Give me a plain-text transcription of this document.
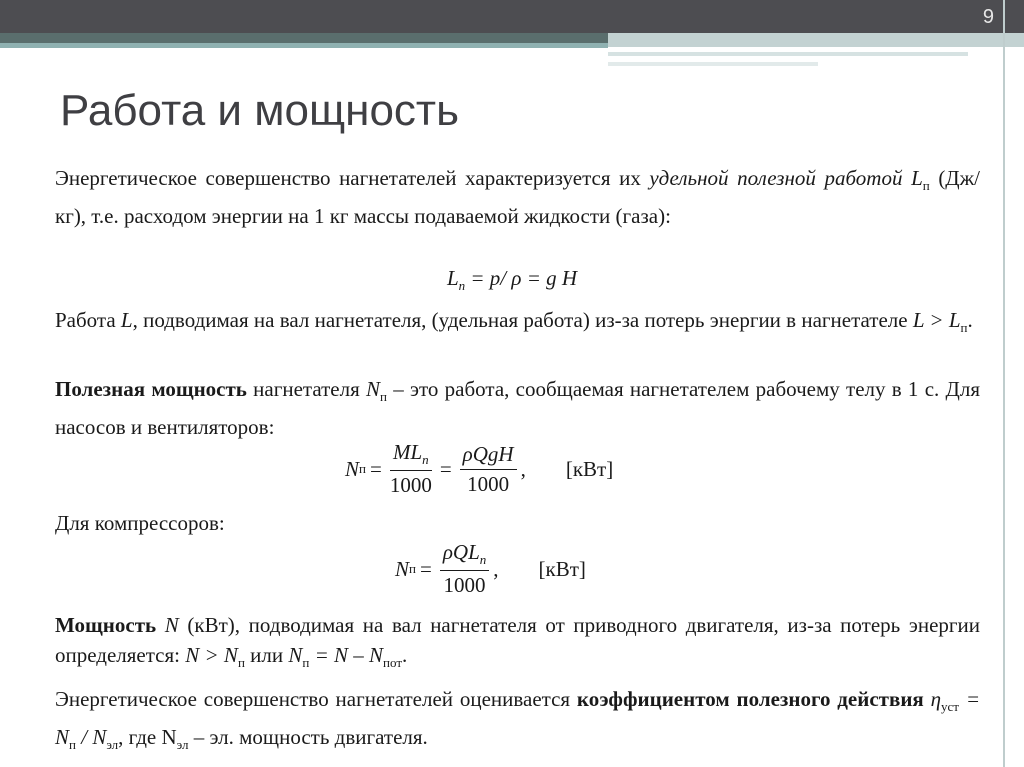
9
Работа и мощность

Энергетическое совершенство нагнетателей характеризуется их удельной полезной работой $L_п$ (Дж/кг), т.е. расходом энергии на 1 кг массы подаваемой жидкости (газа):

$L_п = p/$ ρ = g H

Работа L, подводимая на вал нагнетателя, (удельная работа) из-за потерь энергии в нагнетателе $L > L_п$.

Полезная мощность нагнетателя $N_п$ – это работа, сообщаемая нагнетателем рабочему телу в 1 с. Для насосов и вентиляторов:

N $п = \frac{ML_п}{1000} = \frac{\text{ρQgH}}{1000}$ , [кВт]

Для компрессоров:

N $п = \frac{\rho QL_п}{1000}$ , [кВт]

Мощность N (кВт), подводимая на вал нагнетателя от приводного двигателя, из-за потерь энергии определяется: $N > N_п$ или $N_п = N - N_{пот}$.

Энергетическое совершенство нагнетателей оценивается коэффициентом полезного действия $\eta_{уст} = N_п / N_{эл}$, где $N_{эл}$ – эл. мощность двигателя.
